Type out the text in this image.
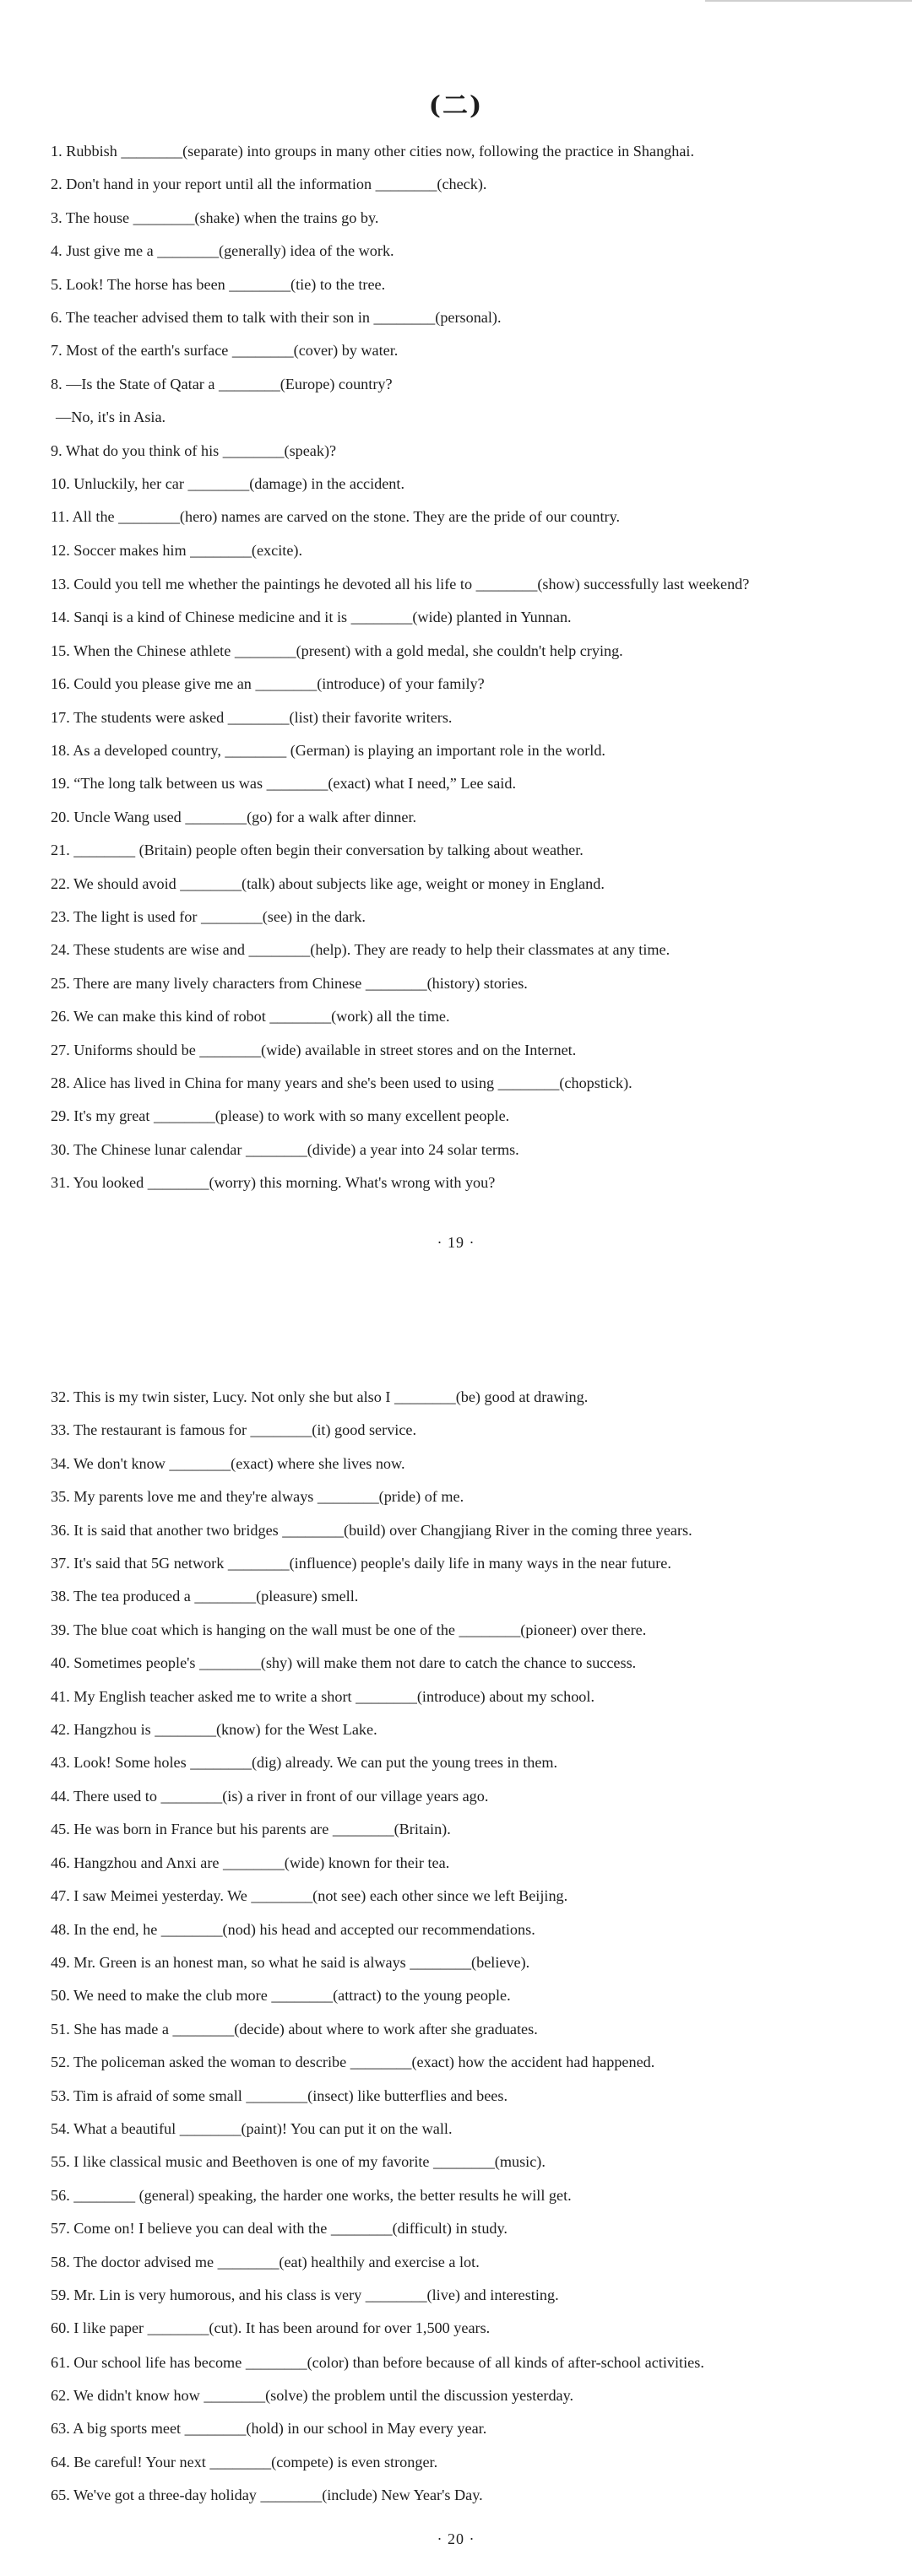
(二)
1. Rubbish ________(separate) into groups in many other cities now, following the practice in Shanghai.
2. Don't hand in your report until all the information ________(check).
3. The house ________(shake) when the trains go by.
4. Just give me a ________(generally) idea of the work.
5. Look! The horse has been ________(tie) to the tree.
6. The teacher advised them to talk with their son in ________(personal).
7. Most of the earth's surface ________(cover) by water.
8. —Is the State of Qatar a ________(Europe) country?
—No, it's in Asia.
9. What do you think of his ________(speak)?
10. Unluckily, her car ________(damage) in the accident.
11. All the ________(hero) names are carved on the stone. They are the pride of our country.
12. Soccer makes him ________(excite).
13. Could you tell me whether the paintings he devoted all his life to ________(show) successfully last weekend?
14. Sanqi is a kind of Chinese medicine and it is ________(wide) planted in Yunnan.
15. When the Chinese athlete ________(present) with a gold medal, she couldn't help crying.
16. Could you please give me an ________(introduce) of your family?
17. The students were asked ________(list) their favorite writers.
18. As a developed country, ________ (German) is playing an important role in the world.
19. “The long talk between us was ________(exact) what I need,” Lee said.
20. Uncle Wang used ________(go) for a walk after dinner.
21. ________ (Britain) people often begin their conversation by talking about weather.
22. We should avoid ________(talk) about subjects like age, weight or money in England.
23. The light is used for ________(see) in the dark.
24. These students are wise and ________(help). They are ready to help their classmates at any time.
25. There are many lively characters from Chinese ________(history) stories.
26. We can make this kind of robot ________(work) all the time.
27. Uniforms should be ________(wide) available in street stores and on the Internet.
28. Alice has lived in China for many years and she's been used to using ________(chopstick).
29. It's my great ________(please) to work with so many excellent people.
30. The Chinese lunar calendar ________(divide) a year into 24 solar terms.
31. You looked ________(worry) this morning. What's wrong with you?
· 19 ·
32. This is my twin sister, Lucy. Not only she but also I ________(be) good at drawing.
33. The restaurant is famous for ________(it) good service.
34. We don't know ________(exact) where she lives now.
35. My parents love me and they're always ________(pride) of me.
36. It is said that another two bridges ________(build) over Changjiang River in the coming three years.
37. It's said that 5G network ________(influence) people's daily life in many ways in the near future.
38. The tea produced a ________(pleasure) smell.
39. The blue coat which is hanging on the wall must be one of the ________(pioneer) over there.
40. Sometimes people's ________(shy) will make them not dare to catch the chance to success.
41. My English teacher asked me to write a short ________(introduce) about my school.
42. Hangzhou is ________(know) for the West Lake.
43. Look! Some holes ________(dig) already. We can put the young trees in them.
44. There used to ________(is) a river in front of our village years ago.
45. He was born in France but his parents are ________(Britain).
46. Hangzhou and Anxi are ________(wide) known for their tea.
47. I saw Meimei yesterday. We ________(not see) each other since we left Beijing.
48. In the end, he ________(nod) his head and accepted our recommendations.
49. Mr. Green is an honest man, so what he said is always ________(believe).
50. We need to make the club more ________(attract) to the young people.
51. She has made a ________(decide) about where to work after she graduates.
52. The policeman asked the woman to describe ________(exact) how the accident had happened.
53. Tim is afraid of some small ________(insect) like butterflies and bees.
54. What a beautiful ________(paint)! You can put it on the wall.
55. I like classical music and Beethoven is one of my favorite ________(music).
56. ________ (general) speaking, the harder one works, the better results he will get.
57. Come on! I believe you can deal with the ________(difficult) in study.
58. The doctor advised me ________(eat) healthily and exercise a lot.
59. Mr. Lin is very humorous, and his class is very ________(live) and interesting.
60. I like paper ________(cut). It has been around for over 1,500 years.
61. Our school life has become ________(color) than before because of all kinds of after-school activities.
62. We didn't know how ________(solve) the problem until the discussion yesterday.
63. A big sports meet ________(hold) in our school in May every year.
64. Be careful! Your next ________(compete) is even stronger.
65. We've got a three-day holiday ________(include) New Year's Day.
· 20 ·
